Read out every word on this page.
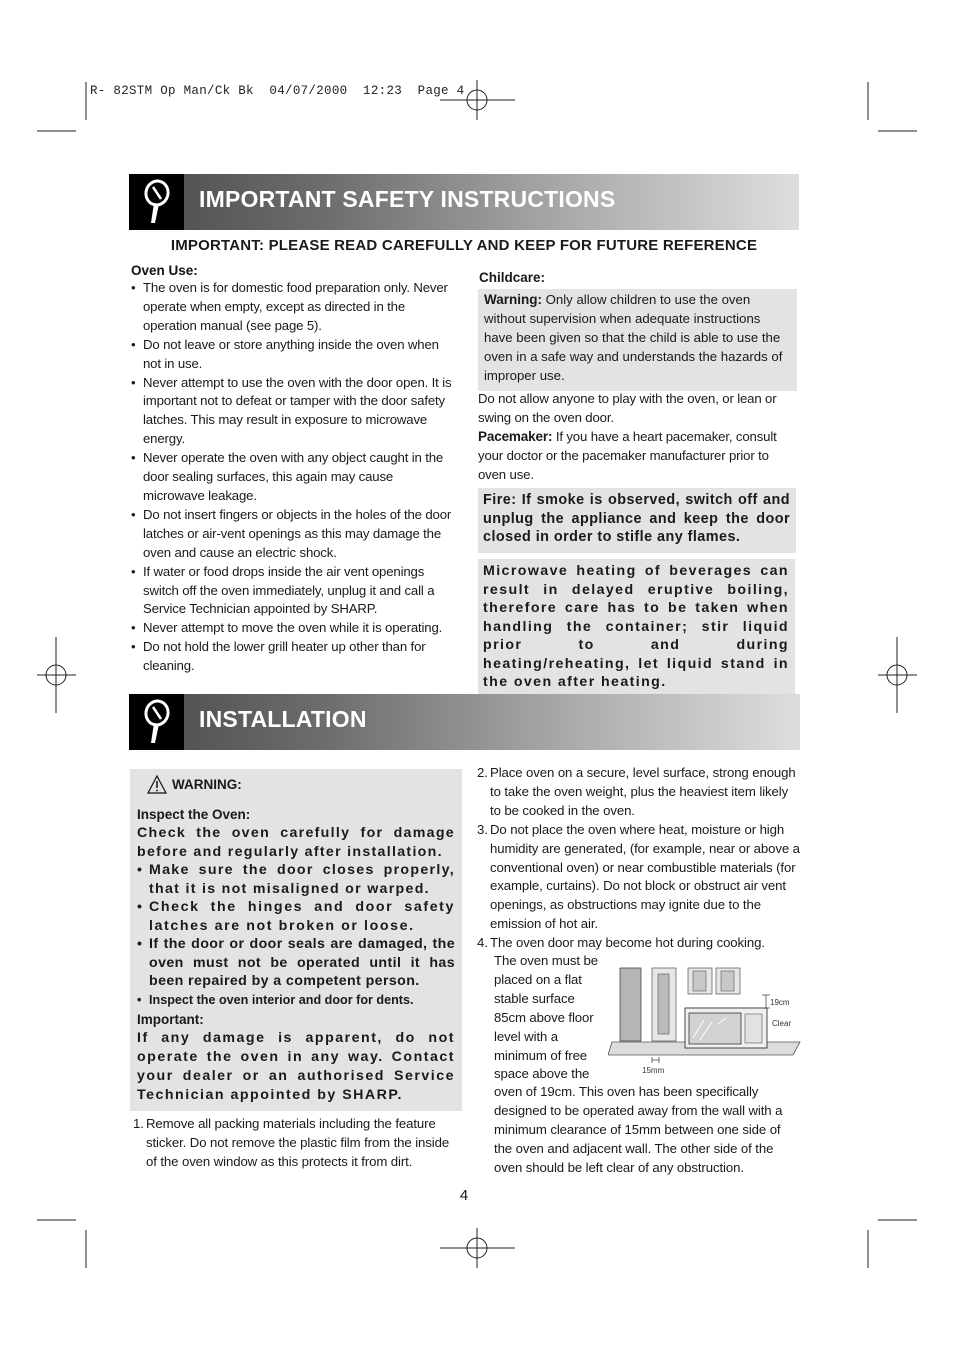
R- 82STM Op Man/Ck Bk  04/07/2000  12:23  Page 4
IMPORTANT SAFETY INSTRUCTIONS
IMPORTANT: PLEASE READ CAREFULLY AND KEEP FOR FUTURE REFERENCE
Oven Use:
• The oven is for domestic food preparation only. Never operate when empty, except as directed in the operation manual (see page 5).
• Do not leave or store anything inside the oven when not in use.
• Never attempt to use the oven with the door open. It is important not to defeat or tamper with the door safety latches. This may result in exposure to microwave energy.
• Never operate the oven with any object caught in the door sealing surfaces, this again may cause microwave leakage.
• Do not insert fingers or objects in the holes of the door latches or air-vent openings as this may damage the oven and cause an electric shock.
• If water or food drops inside the air vent openings switch off the oven immediately, unplug it and call a Service Technician appointed by SHARP.
• Never attempt to move the oven while it is operating.
• Do not hold the lower grill heater up other than for cleaning.
Childcare:
Warning: Only allow children to use the oven without supervision when adequate instructions have been given so that the child is able to use the oven in a safe way and understands the hazards of improper use.
Do not allow anyone to play with the oven, or lean or swing on the oven door.
Pacemaker: If you have a heart pacemaker, consult your doctor or the pacemaker manufacturer prior to oven use.
Fire: If smoke is observed, switch off and unplug the appliance and keep the door closed in order to stifle any flames.
Microwave heating of beverages can result in delayed eruptive boiling, therefore care has to be taken when handling the container; stir liquid prior to and during heating/reheating, let liquid stand in the oven after heating.
INSTALLATION
WARNING:
Inspect the Oven:
Check the oven carefully for damage before and regularly after installation.
• Make sure the door closes properly, that it is not misaligned or warped.
• Check the hinges and door safety latches are not broken or loose.
• If the door or door seals are damaged, the oven must not be operated until it has been repaired by a competent person.
• Inspect the oven interior and door for dents.
Important:
If any damage is apparent, do not operate the oven in any way. Contact your dealer or an authorised Service Technician appointed by SHARP.
1. Remove all packing materials including the feature sticker. Do not remove the plastic film from the inside of the oven window as this protects it from dirt.
2. Place oven on a secure, level surface, strong enough to take the oven weight, plus the heaviest item likely to be cooked in the oven.
3. Do not place the oven where heat, moisture or high humidity are generated, (for example, near or above a conventional oven) or near combustible materials (for example, curtains). Do not block or obstruct air vent openings, as obstructions may ignite due to the emission of hot air.
4. The oven door may become hot during cooking.
The oven must be
placed on a flat
stable surface
85cm above floor
level with a
minimum of free
space above the
oven of 19cm. This oven has been specifically designed to be operated away from the wall with a minimum clearance of 15mm between one side of the oven and adjacent wall. The other side of the oven should be left clear of any obstruction.
19cm
Clear
15mm
4
